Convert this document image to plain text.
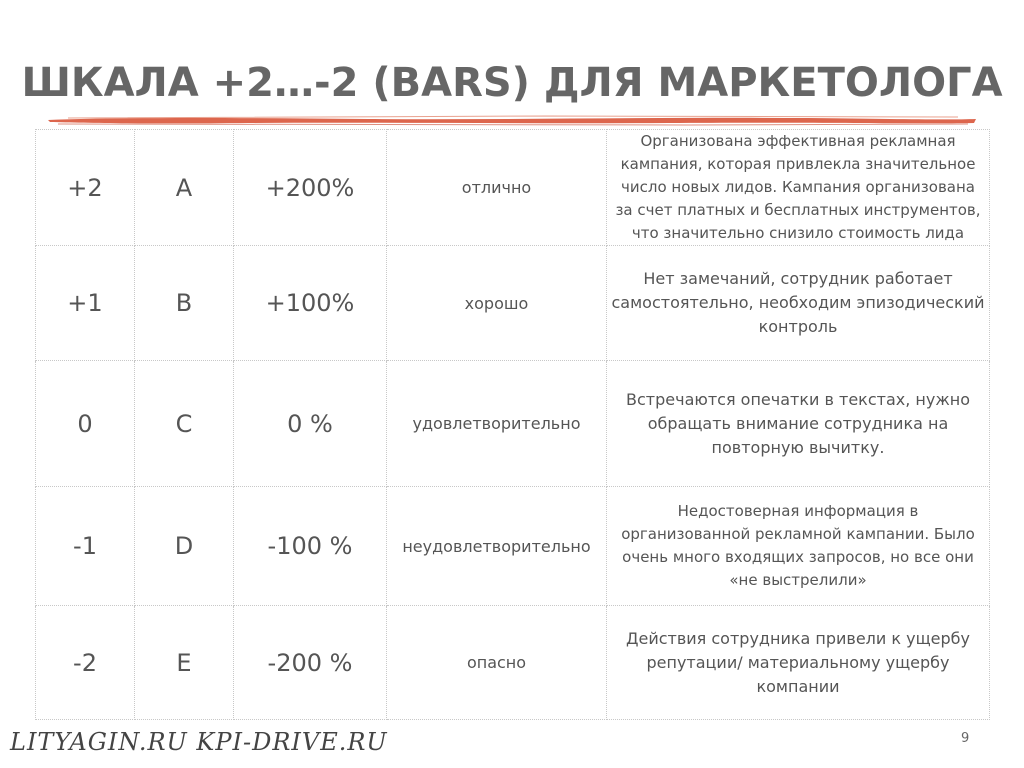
ШКАЛА +2…-2 (BARS) ДЛЯ МАРКЕТОЛОГА
+2	A	+200%	отлично	Организована эффективная рекламная кампания, которая привлекла значительное число новых лидов. Кампания организована за счет платных и бесплатных инструментов, что значительно снизило стоимость лида
+1	B	+100%	хорошо	Нет замечаний, сотрудник работает самостоятельно, необходим эпизодический контроль
0	C	0 %	удовлетворительно	Встречаются опечатки в текстах, нужно обращать внимание сотрудника на повторную вычитку.
-1	D	-100 %	неудовлетворительно	Недостоверная информация в организованной рекламной кампании. Было очень много входящих запросов, но все они «не выстрелили»
-2	E	-200 %	опасно	Действия сотрудника привели к ущербу репутации/ материальному ущербу компании
LITYAGIN.RU KPI-DRIVE.RU	9
